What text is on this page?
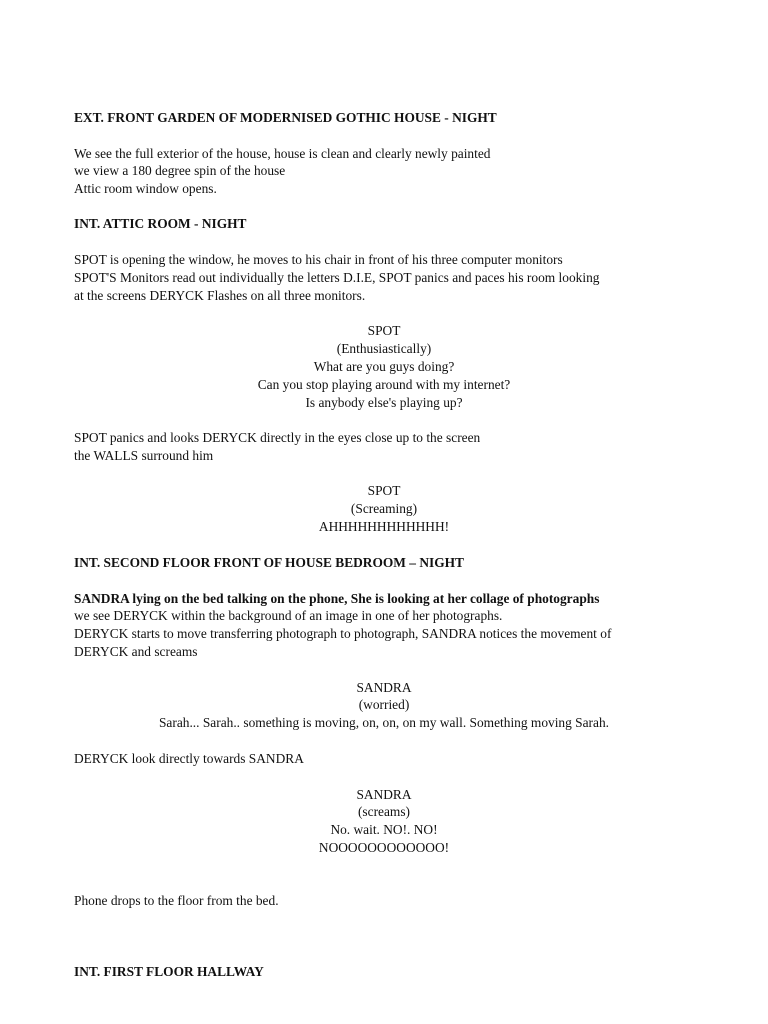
EXT. FRONT GARDEN OF MODERNISED GOTHIC HOUSE - NIGHT
We see the full exterior of the house, house is clean and clearly newly painted
we view a 180 degree spin of the house
Attic room window opens.
INT. ATTIC ROOM - NIGHT
SPOT is opening the window, he moves to his chair in front of his three computer monitors
SPOT'S Monitors read out individually the letters D.I.E, SPOT panics and paces his room looking
at the screens DERYCK Flashes on all three monitors.
SPOT
(Enthusiastically)
What are you guys doing?
Can you stop playing around with my internet?
Is anybody else's playing up?
SPOT panics and looks DERYCK directly in the eyes close up to the screen
the WALLS surround him
SPOT
(Screaming)
AHHHHHHHHHHHH!
INT. SECOND FLOOR FRONT OF HOUSE BEDROOM – NIGHT
SANDRA lying on the bed talking on the phone, She is looking at her collage of photographs
we see DERYCK within the background of an image in one of her photographs.
DERYCK starts to move transferring photograph to photograph, SANDRA notices the movement of
DERYCK and screams
SANDRA
(worried)
Sarah... Sarah.. something is moving, on, on, on my wall. Something moving Sarah.
DERYCK look directly towards SANDRA
SANDRA
(screams)
No. wait. NO!. NO!
NOOOOOOOOOOOO!
Phone drops to the floor from the bed.
INT. FIRST FLOOR HALLWAY
